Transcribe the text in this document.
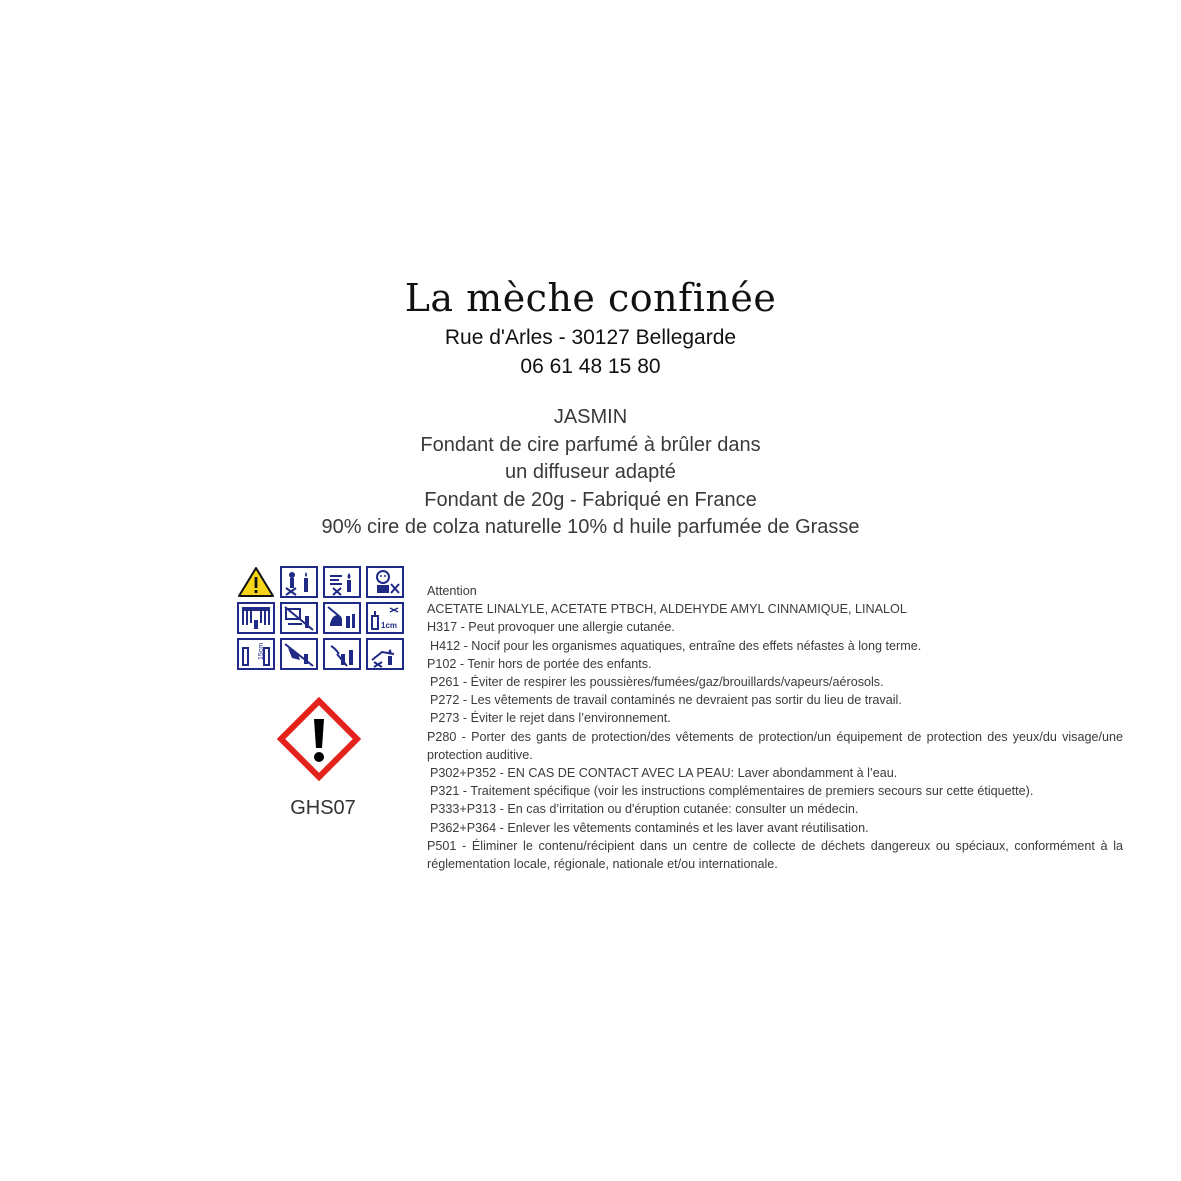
La mèche confinée
Rue d'Arles - 30127 Bellegarde
06 61 48 15 80
JASMIN
Fondant de cire parfumé à brûler dans
un diffuseur adapté
Fondant de 20g - Fabriqué en France
90% cire de colza naturelle 10% d huile parfumée de Grasse
1cm
15cm
GHS07
Attention
ACETATE LINALYLE, ACETATE PTBCH, ALDEHYDE AMYL CINNAMIQUE, LINALOL
H317 - Peut provoquer une allergie cutanée.
H412 - Nocif pour les organismes aquatiques, entraîne des effets néfastes à long terme.
P102 - Tenir hors de portée des enfants.
P261 - Éviter de respirer les poussières/fumées/gaz/brouillards/vapeurs/aérosols.
P272 - Les vêtements de travail contaminés ne devraient pas sortir du lieu de travail.
P273 - Éviter le rejet dans l’environnement.
P280 - Porter des gants de protection/des vêtements de protection/un équipement de protection des yeux/du visage/une protection auditive.
P302+P352 - EN CAS DE CONTACT AVEC LA PEAU: Laver abondamment à l’eau.
P321 - Traitement spécifique (voir les instructions complémentaires de premiers secours sur cette étiquette).
P333+P313 - En cas d’irritation ou d'éruption cutanée: consulter un médecin.
P362+P364 - Enlever les vêtements contaminés et les laver avant réutilisation.
P501 - Éliminer le contenu/récipient dans un centre de collecte de déchets dangereux ou spéciaux, conformément à la réglementation locale, régionale, nationale et/ou internationale.
